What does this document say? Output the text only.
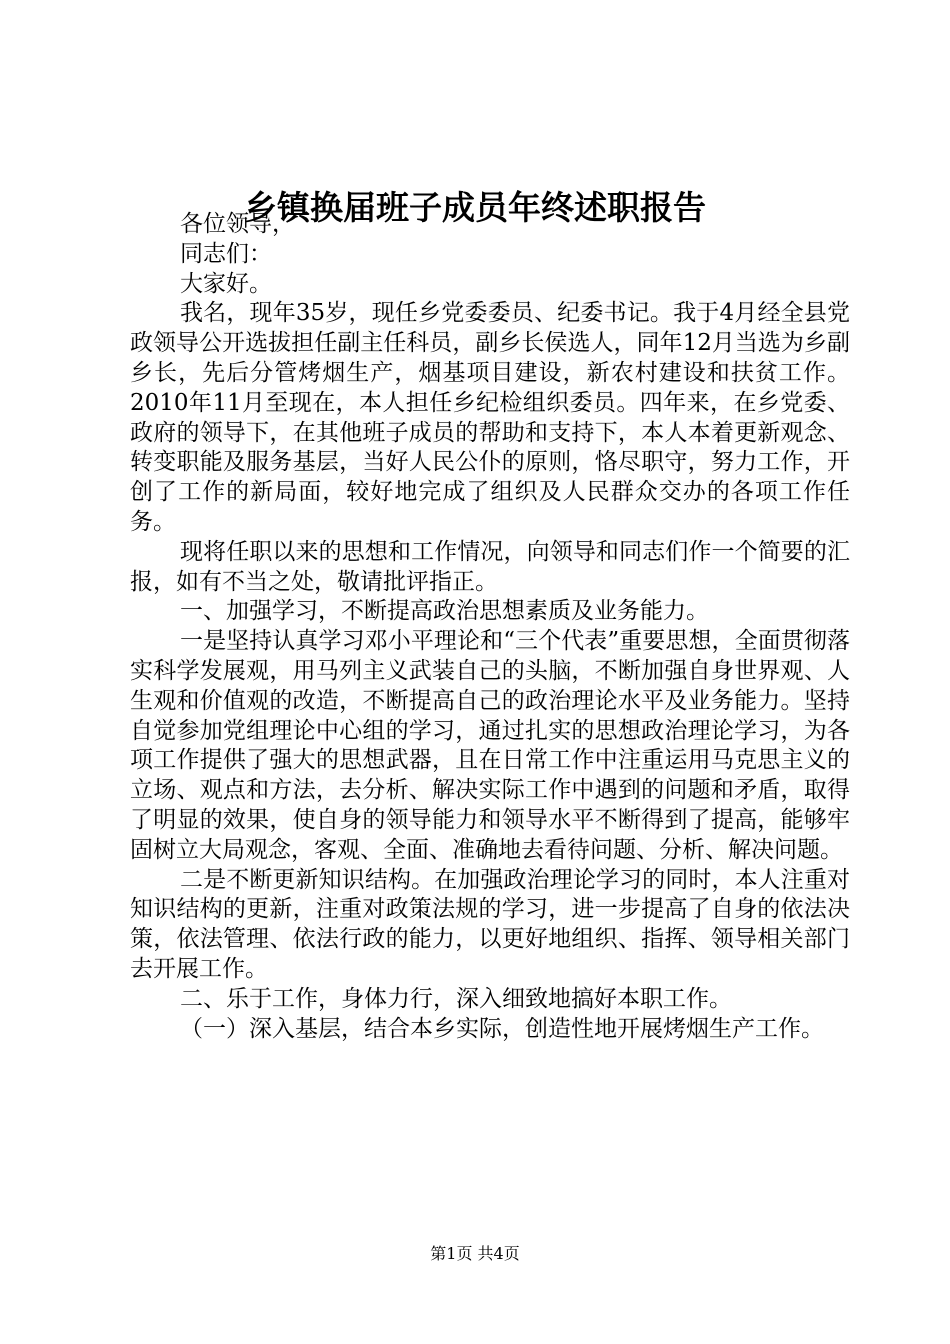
乡镇换届班子成员年终述职报告

各位领导，

同志们：

大家好。

我名，现年35岁，现任乡党委委员、纪委书记。我于4月经全县党政领导公开选拔担任副主任科员，副乡长侯选人，同年12月当选为乡副乡长，先后分管烤烟生产，烟基项目建设，新农村建设和扶贫工作。2010年11月至现在，本人担任乡纪检组织委员。四年来，在乡党委、政府的领导下，在其他班子成员的帮助和支持下，本人本着更新观念、转变职能及服务基层，当好人民公仆的原则，恪尽职守，努力工作，开创了工作的新局面，较好地完成了组织及人民群众交办的各项工作任务。

现将任职以来的思想和工作情况，向领导和同志们作一个简要的汇报，如有不当之处，敬请批评指正。

一、加强学习，不断提高政治思想素质及业务能力。

一是坚持认真学习邓小平理论和“三个代表”重要思想，全面贯彻落实科学发展观，用马列主义武装自己的头脑，不断加强自身世界观、人生观和价值观的改造，不断提高自己的政治理论水平及业务能力。坚持自觉参加党组理论中心组的学习，通过扎实的思想政治理论学习，为各项工作提供了强大的思想武器，且在日常工作中注重运用马克思主义的立场、观点和方法，去分析、解决实际工作中遇到的问题和矛盾，取得了明显的效果，使自身的领导能力和领导水平不断得到了提高，能够牢固树立大局观念，客观、全面、准确地去看待问题、分析、解决问题。

二是不断更新知识结构。在加强政治理论学习的同时，本人注重对知识结构的更新，注重对政策法规的学习，进一步提高了自身的依法决策，依法管理、依法行政的能力，以更好地组织、指挥、领导相关部门去开展工作。

二、乐于工作，身体力行，深入细致地搞好本职工作。

（一）深入基层，结合本乡实际，创造性地开展烤烟生产工作。

第1页 共4页
